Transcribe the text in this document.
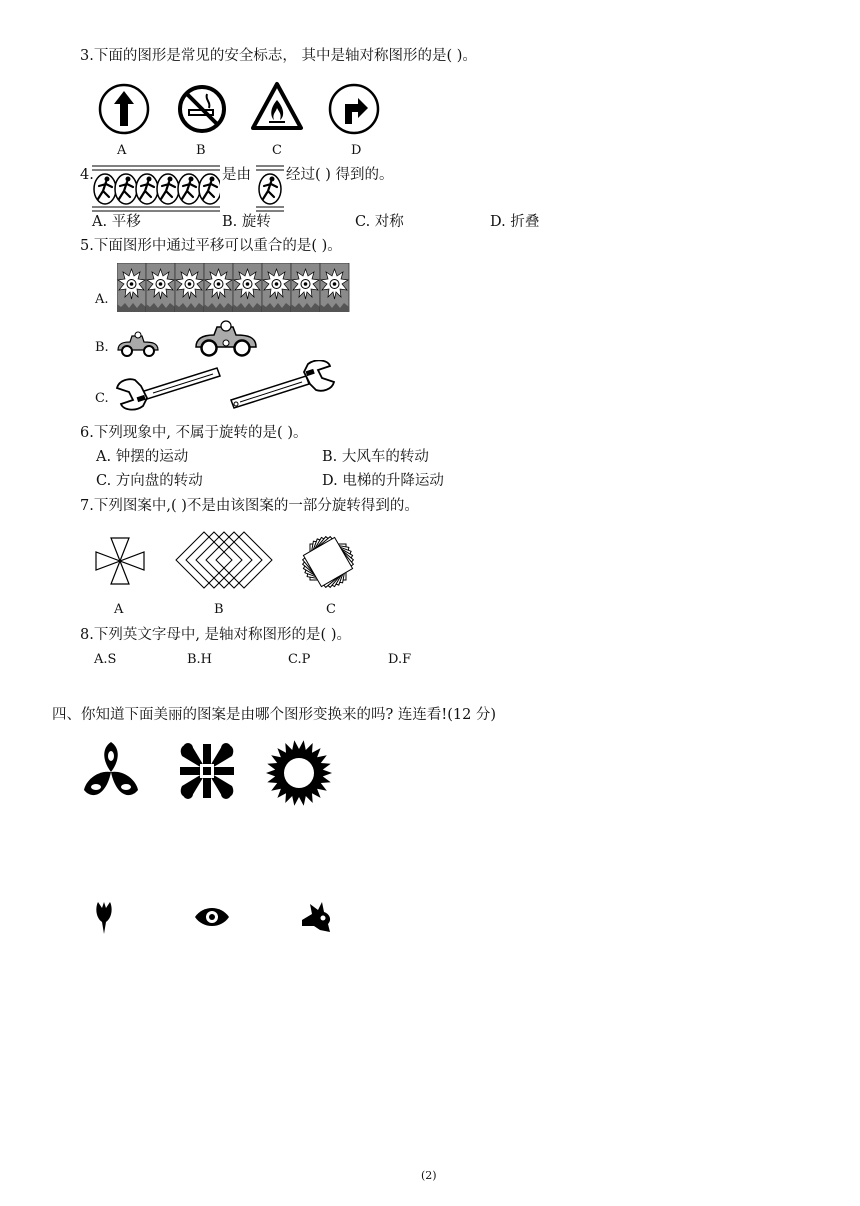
3.下面的图形是常见的安全标志， 其中是轴对称图形的是( )。
A	B	C	D
4.	是由 经过( ) 得到的。
A. 平移	B. 旋转	C. 对称	D. 折叠
5.下面图形中通过平移可以重合的是( )。
A.
B.
C.
6.下列现象中, 不属于旋转的是( )。
A. 钟摆的运动	B. 大风车的转动
C. 方向盘的转动	D. 电梯的升降运动
7.下列图案中,( )不是由该图案的一部分旋转得到的。
A	B	C
8.下列英文字母中, 是轴对称图形的是( )。
A.S	B.H	C.P	D.F
四、你知道下面美丽的图案是由哪个图形变换来的吗? 连连看!(12 分)
(2)
